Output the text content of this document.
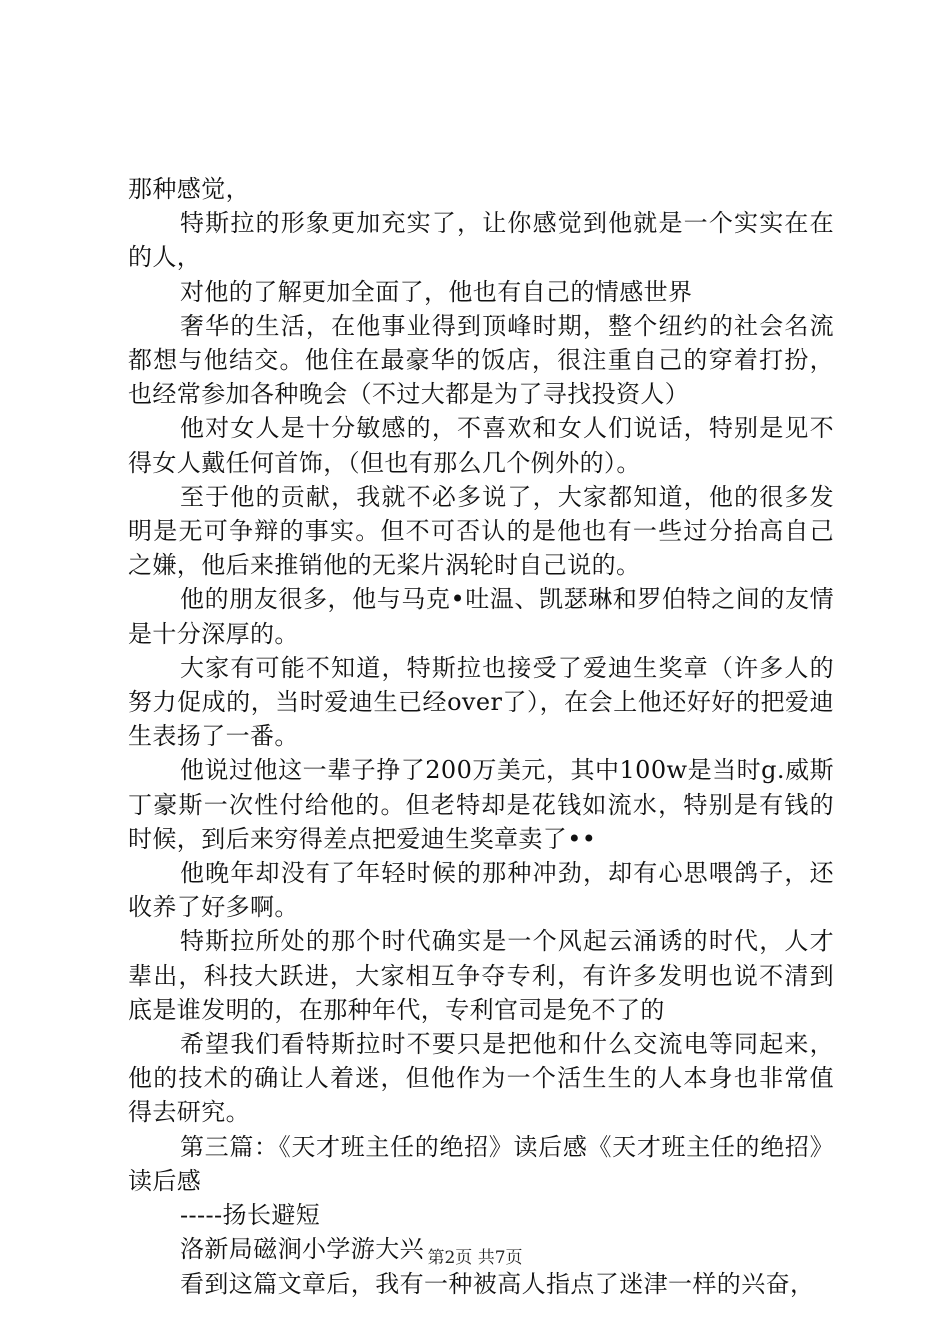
那种感觉，

特斯拉的形象更加充实了，让你感觉到他就是一个实实在在的人，

对他的了解更加全面了，他也有自己的情感世界

奢华的生活，在他事业得到顶峰时期，整个纽约的社会名流都想与他结交。他住在最豪华的饭店，很注重自己的穿着打扮，也经常参加各种晚会（不过大都是为了寻找投资人）

他对女人是十分敏感的，不喜欢和女人们说话，特别是见不得女人戴任何首饰，（但也有那么几个例外的）。

至于他的贡献，我就不必多说了，大家都知道，他的很多发明是无可争辩的事实。但不可否认的是他也有一些过分抬高自己之嫌，他后来推销他的无桨片涡轮时自己说的。

他的朋友很多，他与马克•吐温、凯瑟琳和罗伯特之间的友情是十分深厚的。

大家有可能不知道，特斯拉也接受了爱迪生奖章（许多人的努力促成的，当时爱迪生已经over了），在会上他还好好的把爱迪生表扬了一番。

他说过他这一辈子挣了200万美元，其中100w是当时g.威斯丁豪斯一次性付给他的。但老特却是花钱如流水，特别是有钱的时候，到后来穷得差点把爱迪生奖章卖了••

他晚年却没有了年轻时候的那种冲劲，却有心思喂鸽子，还收养了好多啊。

特斯拉所处的那个时代确实是一个风起云涌诱的时代，人才辈出，科技大跃进，大家相互争夺专利，有许多发明也说不清到底是谁发明的，在那种年代，专利官司是免不了的

希望我们看特斯拉时不要只是把他和什么交流电等同起来，他的技术的确让人着迷，但他作为一个活生生的人本身也非常值得去研究。

第三篇：《天才班主任的绝招》读后感《天才班主任的绝招》读后感

-----扬长避短

洛新局磁涧小学游大兴

看到这篇文章后，我有一种被高人指点了迷津一样的兴奋，

第2页 共7页
